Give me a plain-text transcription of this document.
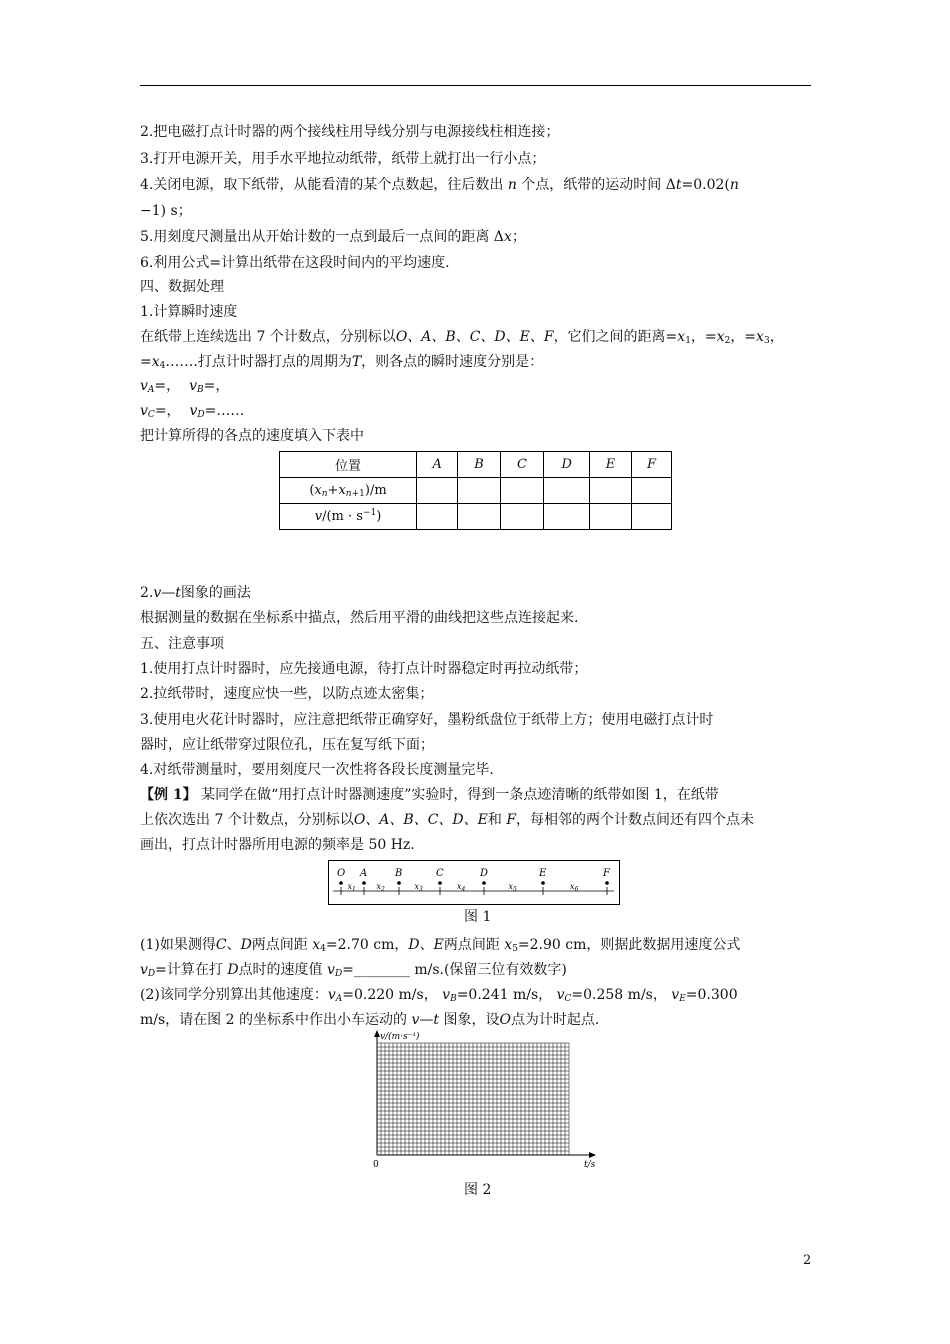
2.把电磁打点计时器的两个接线柱用导线分别与电源接线柱相连接；
3.打开电源开关，用手水平地拉动纸带，纸带上就打出一行小点；
4.关闭电源，取下纸带，从能看清的某个点数起，往后数出 n 个点，纸带的运动时间 Δt=0.02(n
−1) s；
5.用刻度尺测量出从开始计数的一点到最后一点间的距离 Δx；
6.利用公式=计算出纸带在这段时间内的平均速度.
四、数据处理
1.计算瞬时速度
在纸带上连续选出 7 个计数点，分别标以O、A、B、C、D、E、F，它们之间的距离$=x_1$，$=x_2$，$=x_3$，
$=x_4\dots\dots$.打点计时器打点的周期为T，则各点的瞬时速度分别是：
$v_A=$， $v_B=$，
$v_C=$， $v_D=\dots\dots$
把计算所得的各点的速度填入下表中
位置	A	B	C	D	E	F
$(x_n+x_{n+1})/m$						
$v/(m \cdot s^{-1})$						
2.v—t图象的画法
根据测量的数据在坐标系中描点，然后用平滑的曲线把这些点连接起来.
五、注意事项
1.使用打点计时器时，应先接通电源，待打点计时器稳定时再拉动纸带；
2.拉纸带时，速度应快一些，以防点迹太密集；
3.使用电火花计时器时，应注意把纸带正确穿好，墨粉纸盘位于纸带上方；使用电磁打点计时
器时，应让纸带穿过限位孔，压在复写纸下面；
4.对纸带测量时，要用刻度尺一次性将各段长度测量完毕.
【例 1】 某同学在做“用打点计时器测速度”实验时，得到一条点迹清晰的纸带如图 1，在纸带
上依次选出 7 个计数点，分别标以O、A、B、C、D、E和 F，每相邻的两个计数点间还有四个点未
画出，打点计时器所用电源的频率是 50 Hz.
O A	B	C	D	E	F
$x_1$	$x_2$	$x_3$	$x_4$	$x_5$	$x_6$
图 1
(1)如果测得C、D两点间距 $x_4=2.70$ cm，D、E两点间距 $x_5=2.90$ cm，则据此数据用速度公式
$v_D=$计算在打 D点时的速度值 $v_D=\_\_\_\_\_\_\_\_$ m/s.(保留三位有效数字)
(2)该同学分别算出其他速度：$v_A=0.220$ m/s， $v_B=0.241$ m/s， $v_C=0.258$ m/s， $v_E=0.300$
m/s，请在图 2 的坐标系中作出小车运动的 v—t 图象，设O点为计时起点.
v/(m·s⁻¹)
t/s
0
图 2
2
